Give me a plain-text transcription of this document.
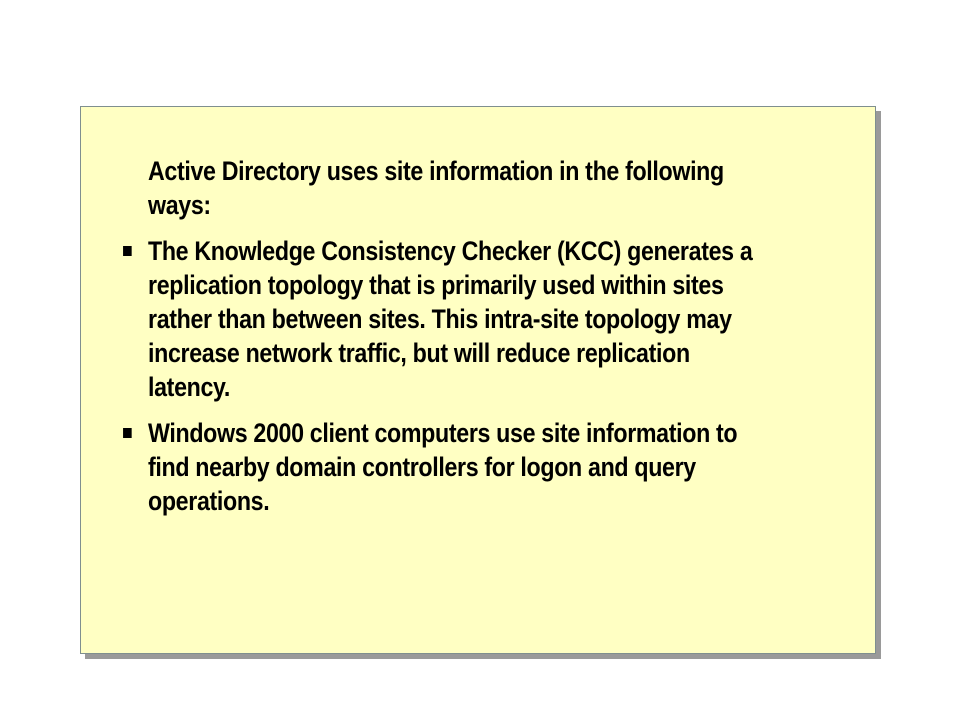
Active Directory uses site information in the following ways:

The Knowledge Consistency Checker (KCC) generates a replication topology that is primarily used within sites rather than between sites. This intra-site topology may increase network traffic, but will reduce replication latency.
Windows 2000 client computers use site information to find nearby domain controllers for logon and query operations.
